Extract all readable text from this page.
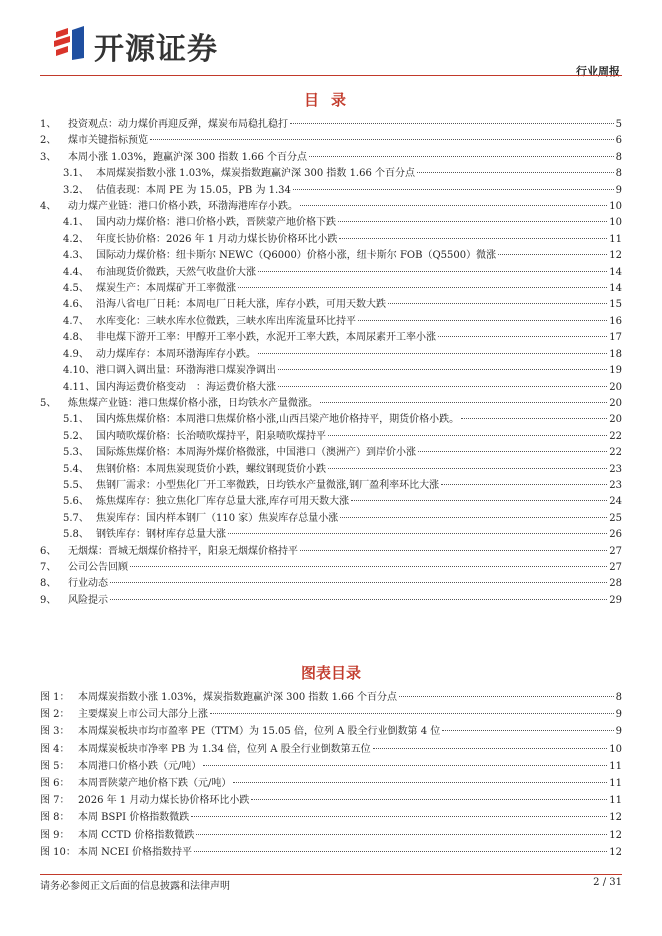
开源证券
行业周报
目录
1、	投资观点：动力煤价再迎反弹，煤炭布局稳扎稳打	5
2、	煤市关键指标预览	6
3、	本周小涨 1.03%，跑赢沪深 300 指数 1.66 个百分点	8
3.1、 本周煤炭指数小涨 1.03%，煤炭指数跑赢沪深 300 指数 1.66 个百分点	8
3.2、 估值表现：本周 PE 为 15.05，PB 为 1.34	9
4、	动力煤产业链：港口价格小跌，环渤海港库存小跌。	10
4.1、 国内动力煤价格：港口价格小跌，晋陕蒙产地价格下跌	10
4.2、 年度长协价格：2026 年 1 月动力煤长协价格环比小跌	11
4.3、 国际动力煤价格：纽卡斯尔 NEWC（Q6000）价格小涨，纽卡斯尔 FOB（Q5500）微涨	12
4.4、 布油现货价微跌，天然气收盘价大涨	14
4.5、 煤炭生产：本周煤矿开工率微涨	14
4.6、 沿海八省电厂日耗：本周电厂日耗大涨，库存小跌，可用天数大跌	15
4.7、 水库变化：三峡水库水位微跌，三峡水库出库流量环比持平	16
4.8、 非电煤下游开工率：甲醇开工率小跌，水泥开工率大跌，本周尿素开工率小涨	17
4.9、 动力煤库存：本周环渤海库存小跌。	18
4.10、 港口调入调出量：环渤海港口煤炭净调出	19
4.11、 国内海运费价格变动　：海运费价格大涨	20
5、	炼焦煤产业链：港口焦煤价格小涨，日均铁水产量微涨。	20
5.1、 国内炼焦煤价格：本周港口焦煤价格小涨,山西吕梁产地价格持平，期货价格小跌。	20
5.2、 国内喷吹煤价格：长治喷吹煤持平，阳泉喷吹煤持平	22
5.3、 国际炼焦煤价格：本周海外煤价格微涨，中国港口（澳洲产）到岸价小涨	22
5.4、 焦钢价格：本周焦炭现货价小跌，螺纹钢现货价小跌	23
5.5、 焦钢厂需求：小型焦化厂开工率微跌，日均铁水产量微涨,钢厂盈利率环比大涨	23
5.6、 炼焦煤库存：独立焦化厂库存总量大涨,库存可用天数大涨	24
5.7、 焦炭库存：国内样本钢厂（110 家）焦炭库存总量小涨	25
5.8、 钢铁库存：钢材库存总量大涨	26
6、	无烟煤：晋城无烟煤价格持平，阳泉无烟煤价格持平	27
7、	公司公告回顾	27
8、	行业动态	28
9、	风险提示	29
图表目录
图 1： 本周煤炭指数小涨 1.03%，煤炭指数跑赢沪深 300 指数 1.66 个百分点	8
图 2： 主要煤炭上市公司大部分上涨	9
图 3： 本周煤炭板块市均市盈率 PE（TTM）为 15.05 倍，位列 A 股全行业倒数第 4 位	9
图 4： 本周煤炭板块市净率 PB 为 1.34 倍，位列 A 股全行业倒数第五位	10
图 5： 本周港口价格小跌（元/吨）	11
图 6： 本周晋陕蒙产地价格下跌（元/吨）	11
图 7： 2026 年 1 月动力煤长协价格环比小跌	11
图 8： 本周 BSPI 价格指数微跌	12
图 9： 本周 CCTD 价格指数微跌	12
图 10： 本周 NCEI 价格指数持平	12
请务必参阅正文后面的信息披露和法律声明	2 / 31
